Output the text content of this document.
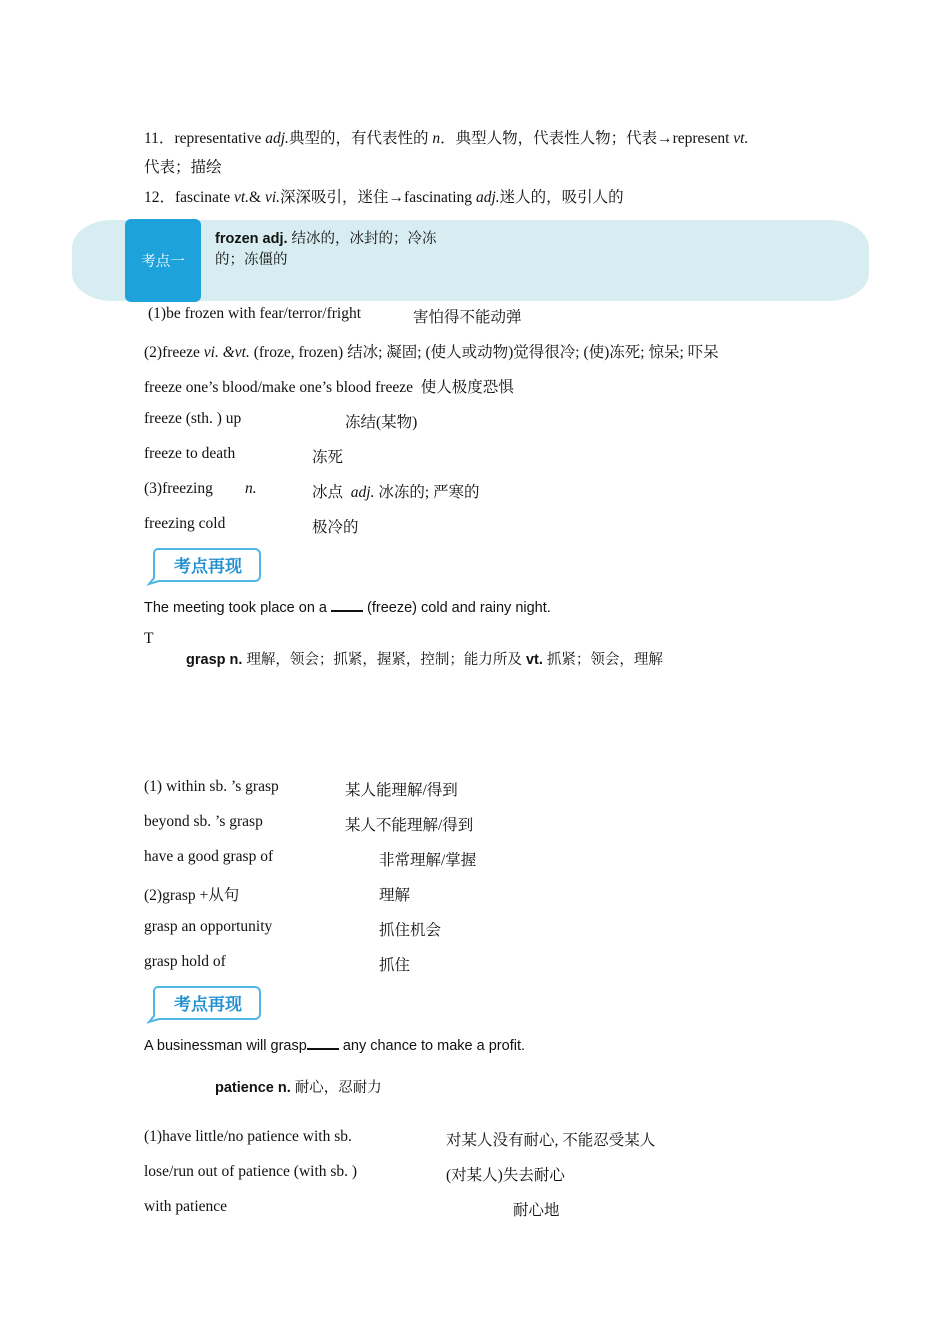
11．representative adj.典型的，有代表性的 n．典型人物，代表性人物；代表→represent vt.
代表；描绘
12．fascinate vt.& vi.深深吸引，迷住→fascinating adj.迷人的，吸引人的
考点一
frozen adj. 结冰的，冰封的；冷冻
的；冻僵的
(1)be frozen with fear/terror/fright	害怕得不能动弹
(2)freeze vi. &vt. (froze, frozen) 结冰; 凝固; (使人或动物)觉得很冷; (使)冻死; 惊呆; 吓呆
freeze one’s blood/make one’s blood freeze 使人极度恐惧
freeze (sth. ) up	冻结(某物)
freeze to death	冻死
(3)freezing n.	冰点  adj. 冰冻的; 严寒的
freezing cold	极冷的
考点再现
The meeting took place on a  (freeze) cold and rainy night.
T
grasp n. 理解，领会；抓紧，握紧，控制；能力所及 vt. 抓紧；领会，理解
(1) within sb. ’s grasp	某人能理解/得到
beyond sb. ’s grasp	某人不能理解/得到
have a good grasp of	非常理解/掌握
(2)grasp +从句	理解
grasp an opportunity	抓住机会
grasp hold of	抓住
考点再现
A businessman will grasp any chance to make a profit.
patience n. 耐心，忍耐力
(1)have little/no patience with sb.	对某人没有耐心, 不能忍受某人
lose/run out of patience (with sb. )	(对某人)失去耐心
with patience	耐心地
